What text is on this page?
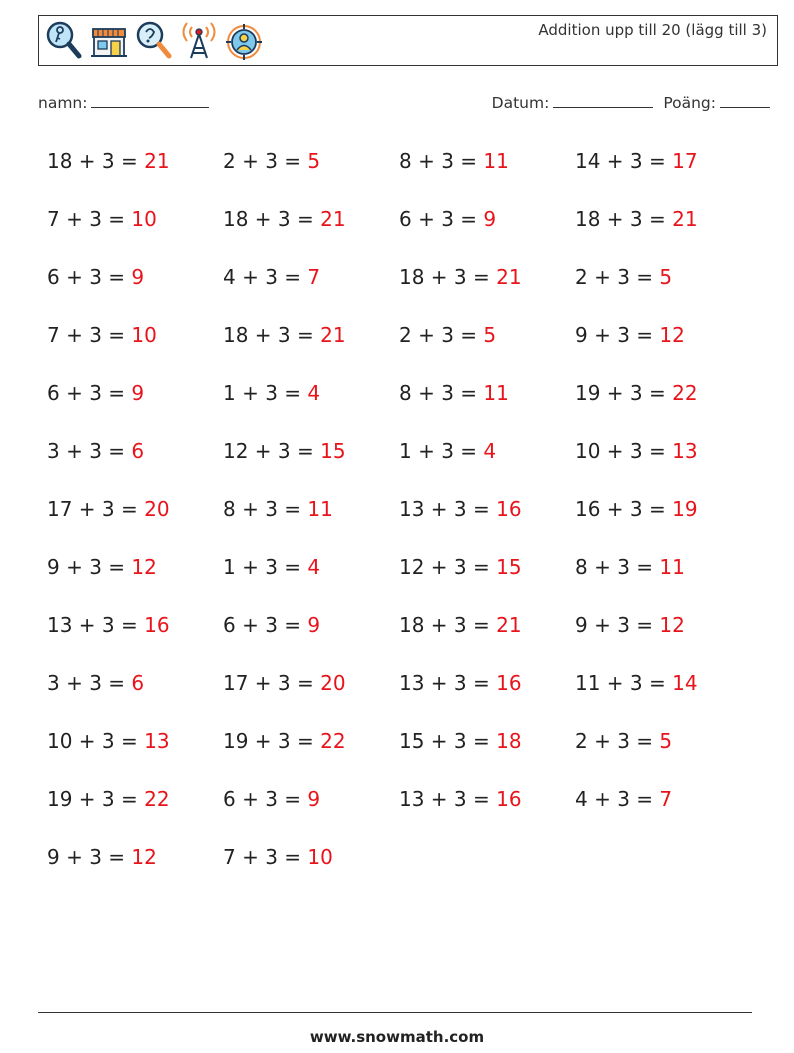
Addition upp till 20 (lägg till 3)
namn:	Datum:	Poäng:
18 + 3 = 21	2 + 3 = 5	8 + 3 = 11	14 + 3 = 17
7 + 3 = 10	18 + 3 = 21	6 + 3 = 9	18 + 3 = 21
6 + 3 = 9	4 + 3 = 7	18 + 3 = 21	2 + 3 = 5
7 + 3 = 10	18 + 3 = 21	2 + 3 = 5	9 + 3 = 12
6 + 3 = 9	1 + 3 = 4	8 + 3 = 11	19 + 3 = 22
3 + 3 = 6	12 + 3 = 15	1 + 3 = 4	10 + 3 = 13
17 + 3 = 20	8 + 3 = 11	13 + 3 = 16	16 + 3 = 19
9 + 3 = 12	1 + 3 = 4	12 + 3 = 15	8 + 3 = 11
13 + 3 = 16	6 + 3 = 9	18 + 3 = 21	9 + 3 = 12
3 + 3 = 6	17 + 3 = 20	13 + 3 = 16	11 + 3 = 14
10 + 3 = 13	19 + 3 = 22	15 + 3 = 18	2 + 3 = 5
19 + 3 = 22	6 + 3 = 9	13 + 3 = 16	4 + 3 = 7
9 + 3 = 12	7 + 3 = 10
www.snowmath.com
